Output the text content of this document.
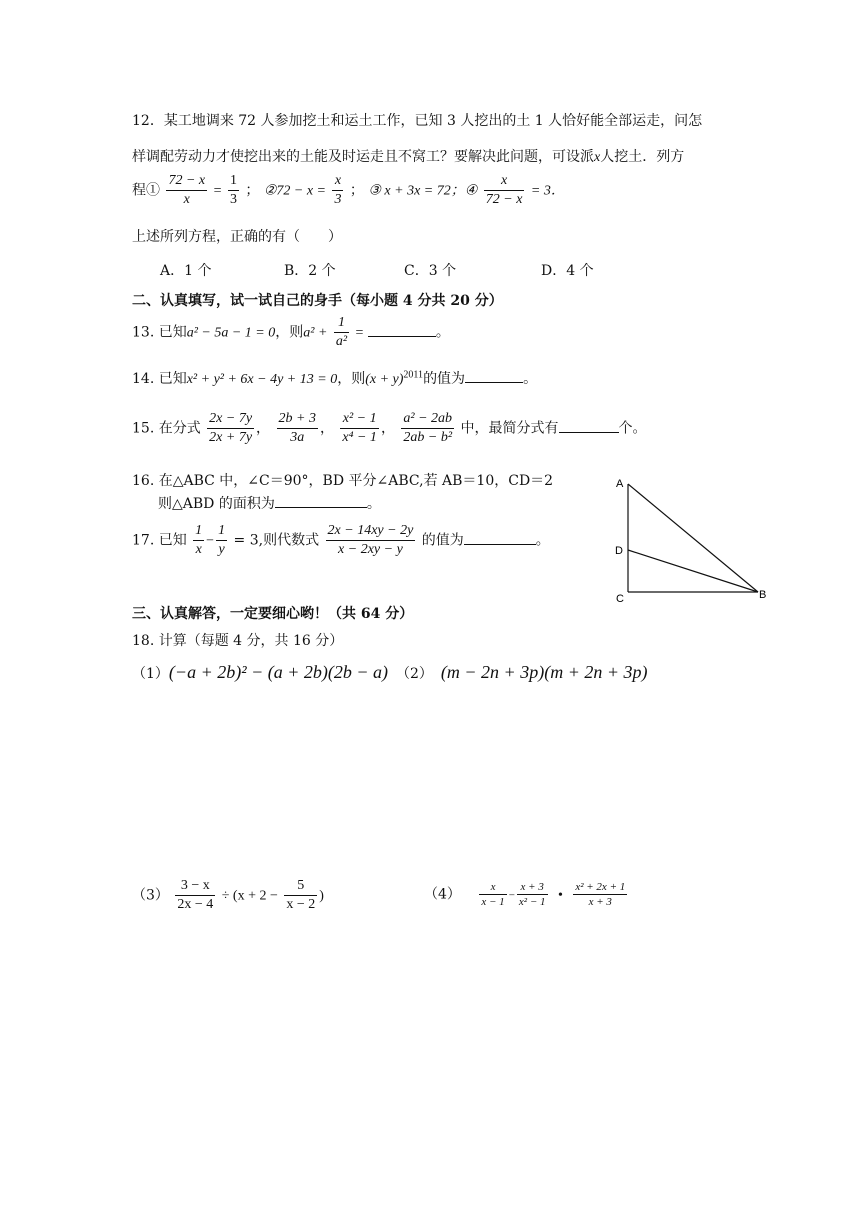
12．某工地调来 72 人参加挖土和运土工作，已知 3 人挖出的土 1 人恰好能全部运走，问怎
样调配劳动力才使挖出来的土能及时运走且不窝工？要解决此问题，可设派x人挖土．列方
程① $\frac{72 - x}{x} = \frac{1}{3}$ ； ②72 − $x = \frac{x}{3}$ ； ③ x + 3x = 72；④ $\frac{x}{72 - x} = 3$．
上述所列方程，正确的有（　　）
A．1 个	B．2 个	C．3 个	D．4 个
二、认真填写，试一试自己的身手（每小题 4 分共 20 分）
13. 已知a² − 5a − 1 = 0，则$a^2 + \frac{1}{\text{a²}}$ =	。
14. 已知x² + y² + 6x − 4y + 13 = 0，则$(x + y)^{2011}$的值为	。
15. 在分式 $\frac{2x - 7y}{2x + 7y}$ ， $\frac{2b + 3}{3a}$ ， $\frac{\text{x² − 1}}{\text{x⁴ − 1}}$ ， $\frac{\text{a² − 2ab}}{\text{2ab − b²}}$ 中，最简分式有	个。
16. 在△ABC 中，∠C＝90°，BD 平分∠ABC,若 AB＝10，CD＝2
则△ABD 的面积为	。
17. 已知 $\frac{1}{x} - \frac{1}{y} = 3$,则代数式 $\frac{2x - 14xy - 2y}{x - 2xy - y}$ 的值为	。
A
D
C	B
三、认真解答，一定要细心哟！（共 64 分）
18. 计算（每题 4 分，共 16 分）
（1）(−a + 2b)² − (a + 2b)(2b − a) （2） (m − 2n + 3p)(m + 2n + 3p)
$(3) \frac{3 - x}{2x - 4} \div (x + 2 - \frac{5}{x - 2}$ )	$(4) \frac{x}{x - 1} - \frac{x + 3}{\text{x² − 1}}$ • $\frac{\text{x² + 2x + 1}}{x + 3}$
